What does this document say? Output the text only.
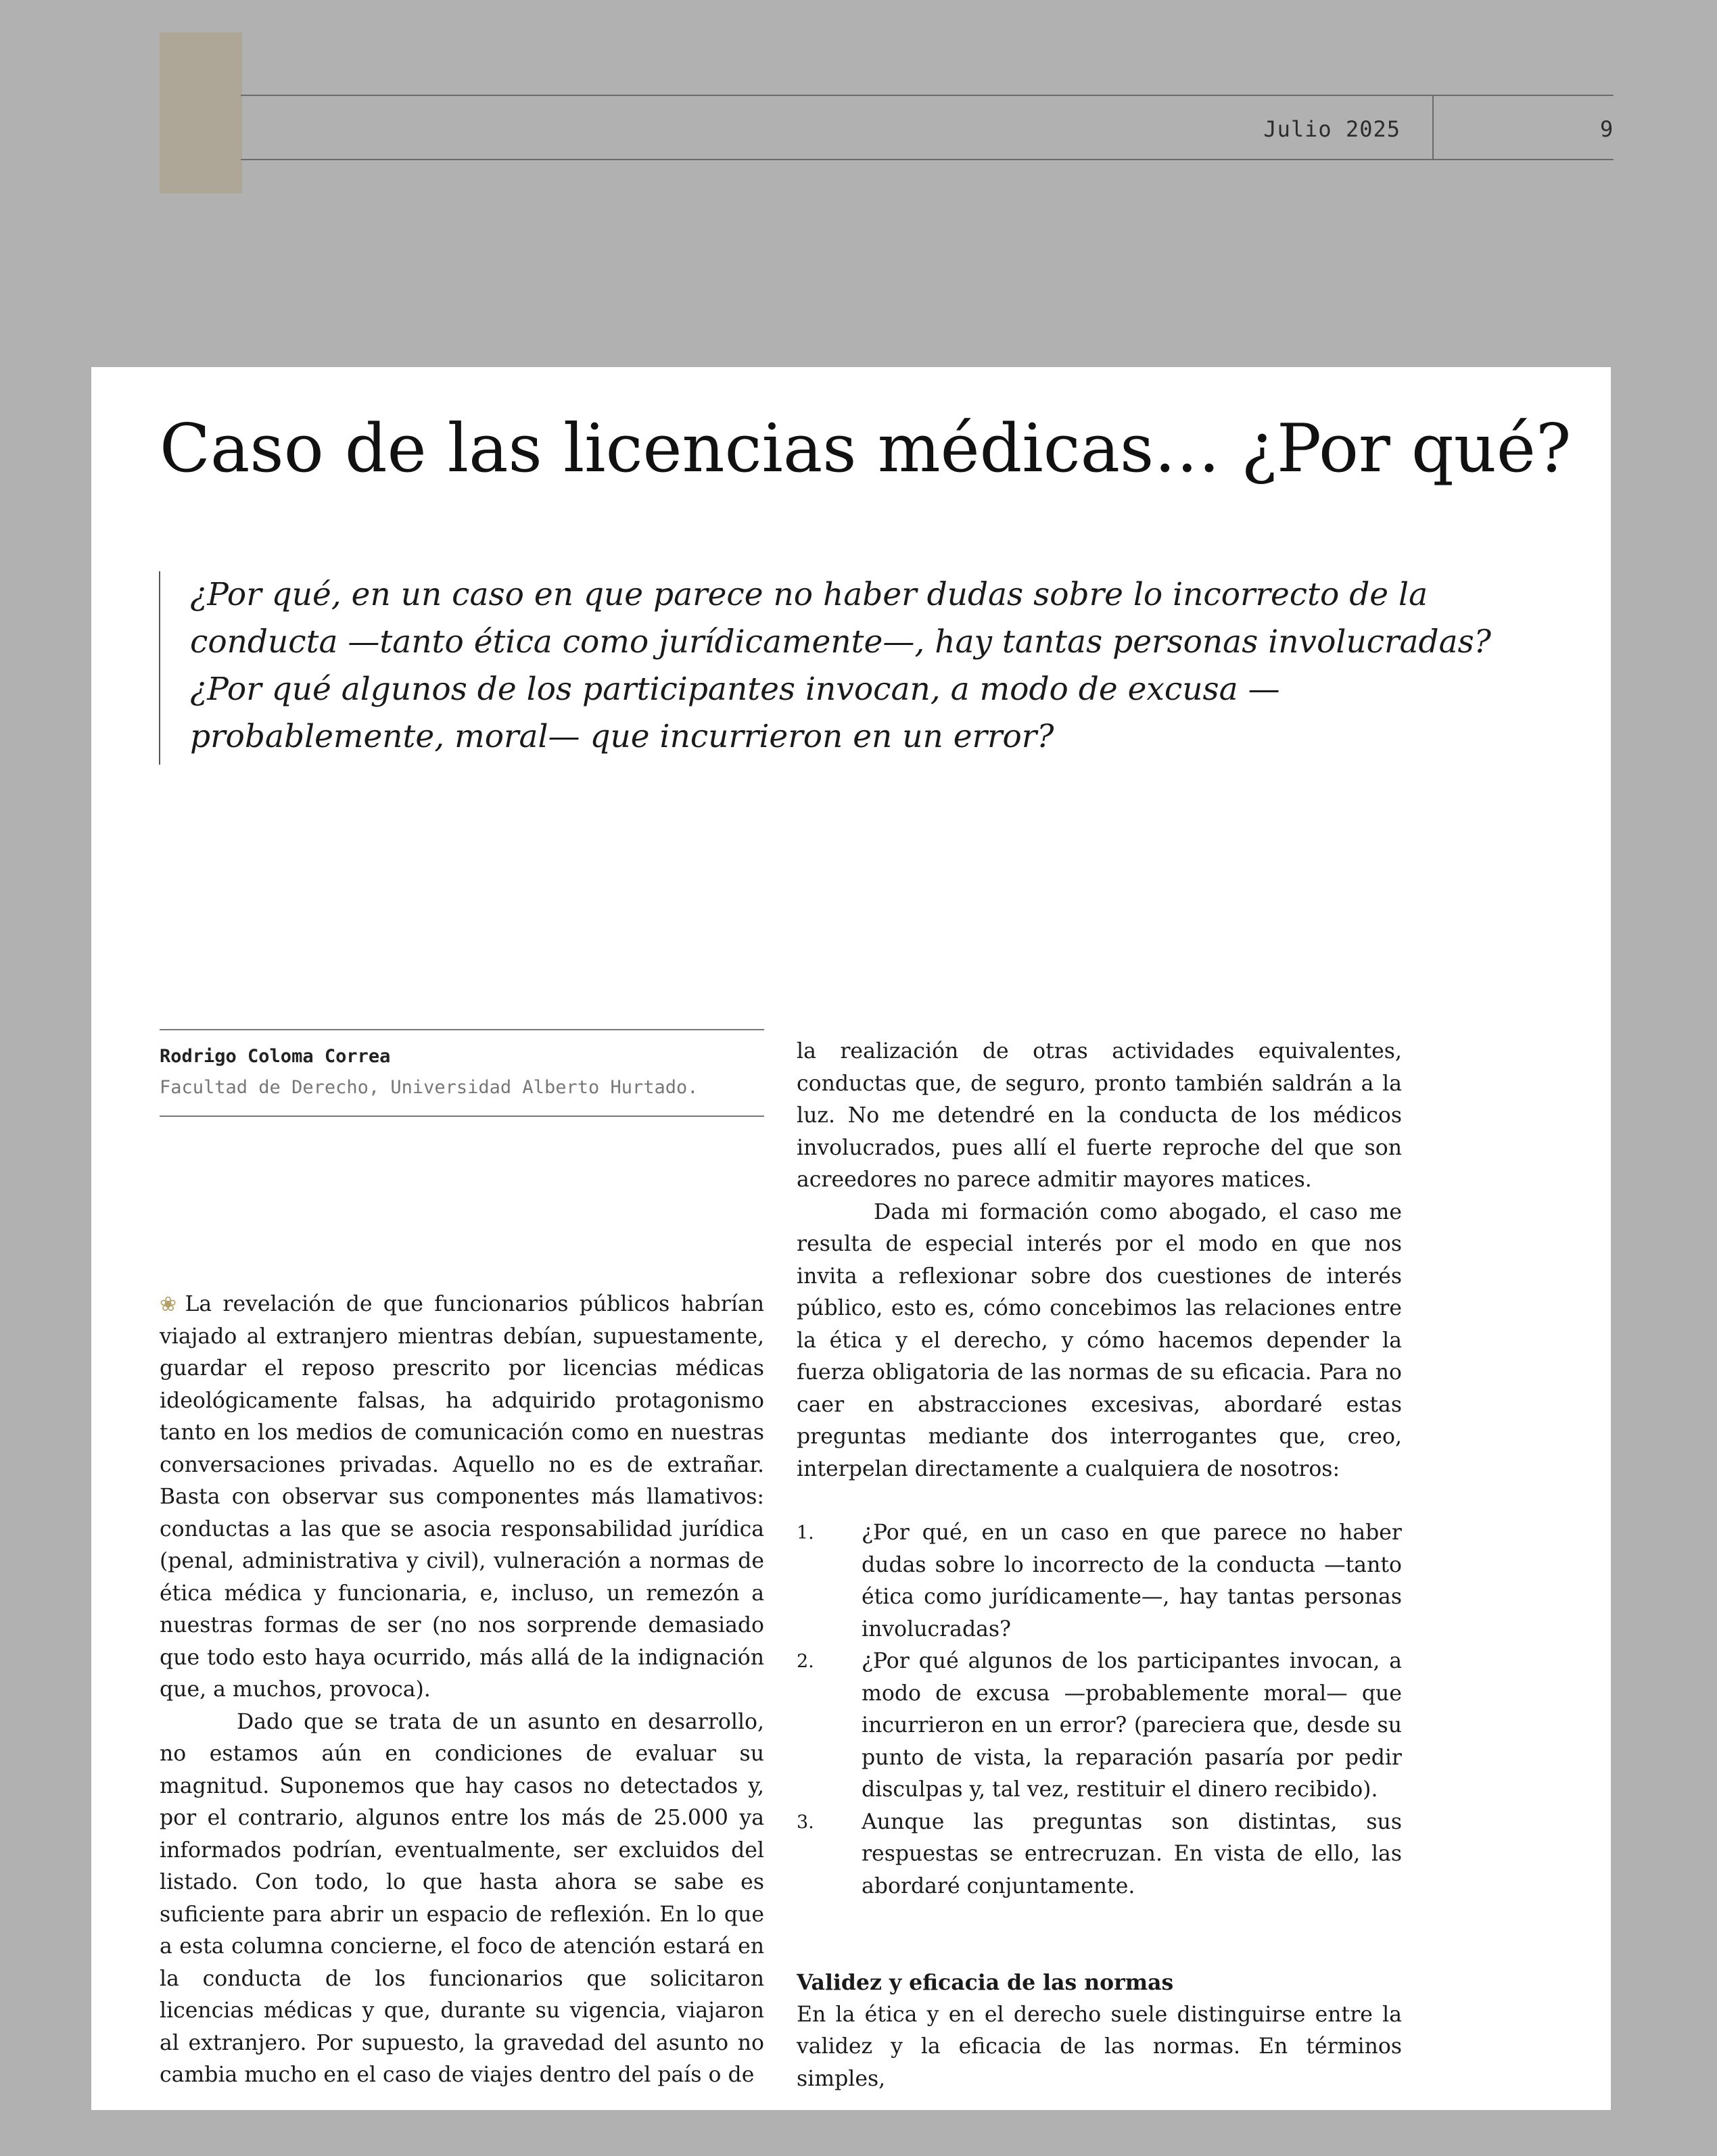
Julio 2025	9
Caso de las licencias médicas… ¿Por qué?

¿Por qué, en un caso en que parece no haber dudas sobre lo incorrecto de la conducta —tanto ética como jurídicamente—, hay tantas personas involucradas? ¿Por qué algunos de los participantes invocan, a modo de excusa —probablemente, moral— que incurrieron en un error?

Rodrigo Coloma Correa
Facultad de Derecho, Universidad Alberto Hurtado.

❀ La revelación de que funcionarios públicos habrían viajado al extranjero mientras debían, supuestamente, guardar el reposo prescrito por licencias médicas ideológicamente falsas, ha adquirido protagonismo tanto en los medios de comunicación como en nuestras conversaciones privadas. Aquello no es de extrañar. Basta con observar sus componentes más llamativos: conductas a las que se asocia responsabilidad jurídica (penal, administrativa y civil), vulneración a normas de ética médica y funcionaria, e, incluso, un remezón a nuestras formas de ser (no nos sorprende demasiado que todo esto haya ocurrido, más allá de la indignación que, a muchos, provoca).

Dado que se trata de un asunto en desarrollo, no estamos aún en condiciones de evaluar su magnitud. Suponemos que hay casos no detectados y, por el contrario, algunos entre los más de 25.000 ya informados podrían, eventualmente, ser excluidos del listado. Con todo, lo que hasta ahora se sabe es suficiente para abrir un espacio de reflexión. En lo que a esta columna concierne, el foco de atención estará en la conducta de los funcionarios que solicitaron licencias médicas y que, durante su vigencia, viajaron al extranjero. Por supuesto, la gravedad del asunto no cambia mucho en el caso de viajes dentro del país o de

la realización de otras actividades equivalentes, conductas que, de seguro, pronto también saldrán a la luz. No me detendré en la conducta de los médicos involucrados, pues allí el fuerte reproche del que son acreedores no parece admitir mayores matices.

Dada mi formación como abogado, el caso me resulta de especial interés por el modo en que nos invita a reflexionar sobre dos cuestiones de interés público, esto es, cómo concebimos las relaciones entre la ética y el derecho, y cómo hacemos depender la fuerza obligatoria de las normas de su eficacia. Para no caer en abstracciones excesivas, abordaré estas preguntas mediante dos interrogantes que, creo, interpelan directamente a cualquiera de nosotros:

1. ¿Por qué, en un caso en que parece no haber dudas sobre lo incorrecto de la conducta —tanto ética como jurídicamente—, hay tantas personas involucradas?
2. ¿Por qué algunos de los participantes invocan, a modo de excusa —probablemente moral— que incurrieron en un error? (pareciera que, desde su punto de vista, la reparación pasaría por pedir disculpas y, tal vez, restituir el dinero recibido).
3. Aunque las preguntas son distintas, sus respuestas se entrecruzan. En vista de ello, las abordaré conjuntamente.
Validez y eficacia de las normas

En la ética y en el derecho suele distinguirse entre la validez y la eficacia de las normas. En términos simples,
